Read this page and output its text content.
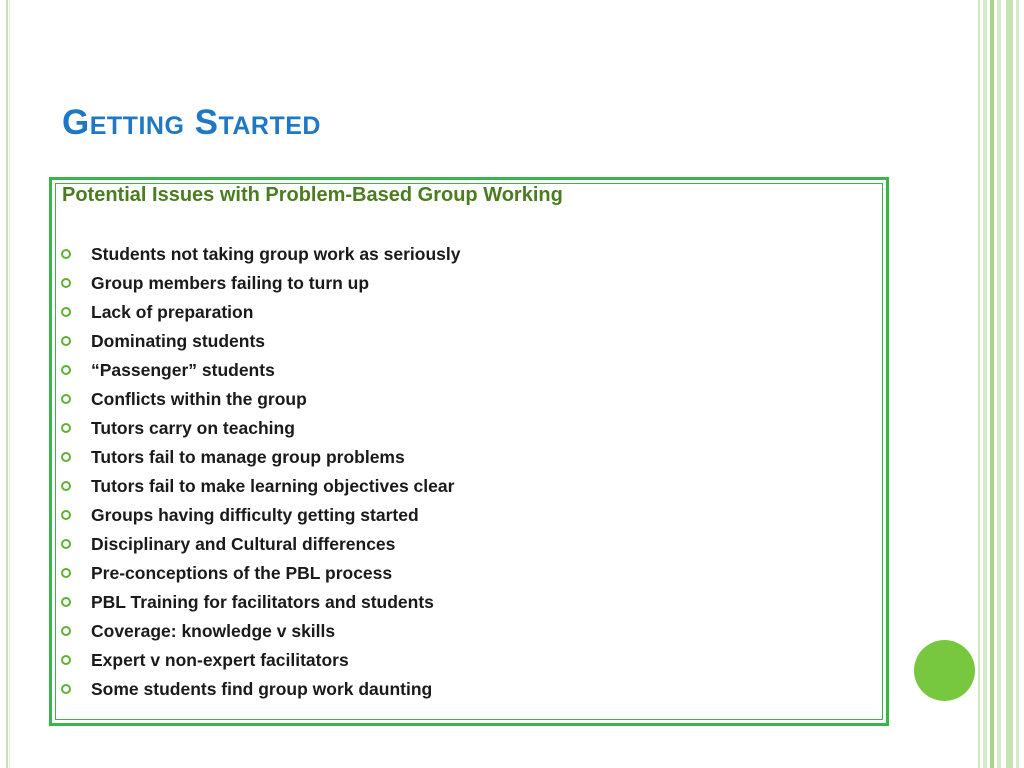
Getting Started
Potential Issues with Problem-Based Group Working
Students not taking group work as seriously
Group members failing to turn up
Lack of preparation
Dominating students
“Passenger” students
Conflicts within the group
Tutors carry on teaching
Tutors fail to manage group problems
Tutors fail to make learning objectives clear
Groups having difficulty getting started
Disciplinary and Cultural differences
Pre-conceptions of the PBL process
PBL Training for facilitators and students
Coverage: knowledge v skills
Expert v non-expert facilitators
Some students find group work daunting
